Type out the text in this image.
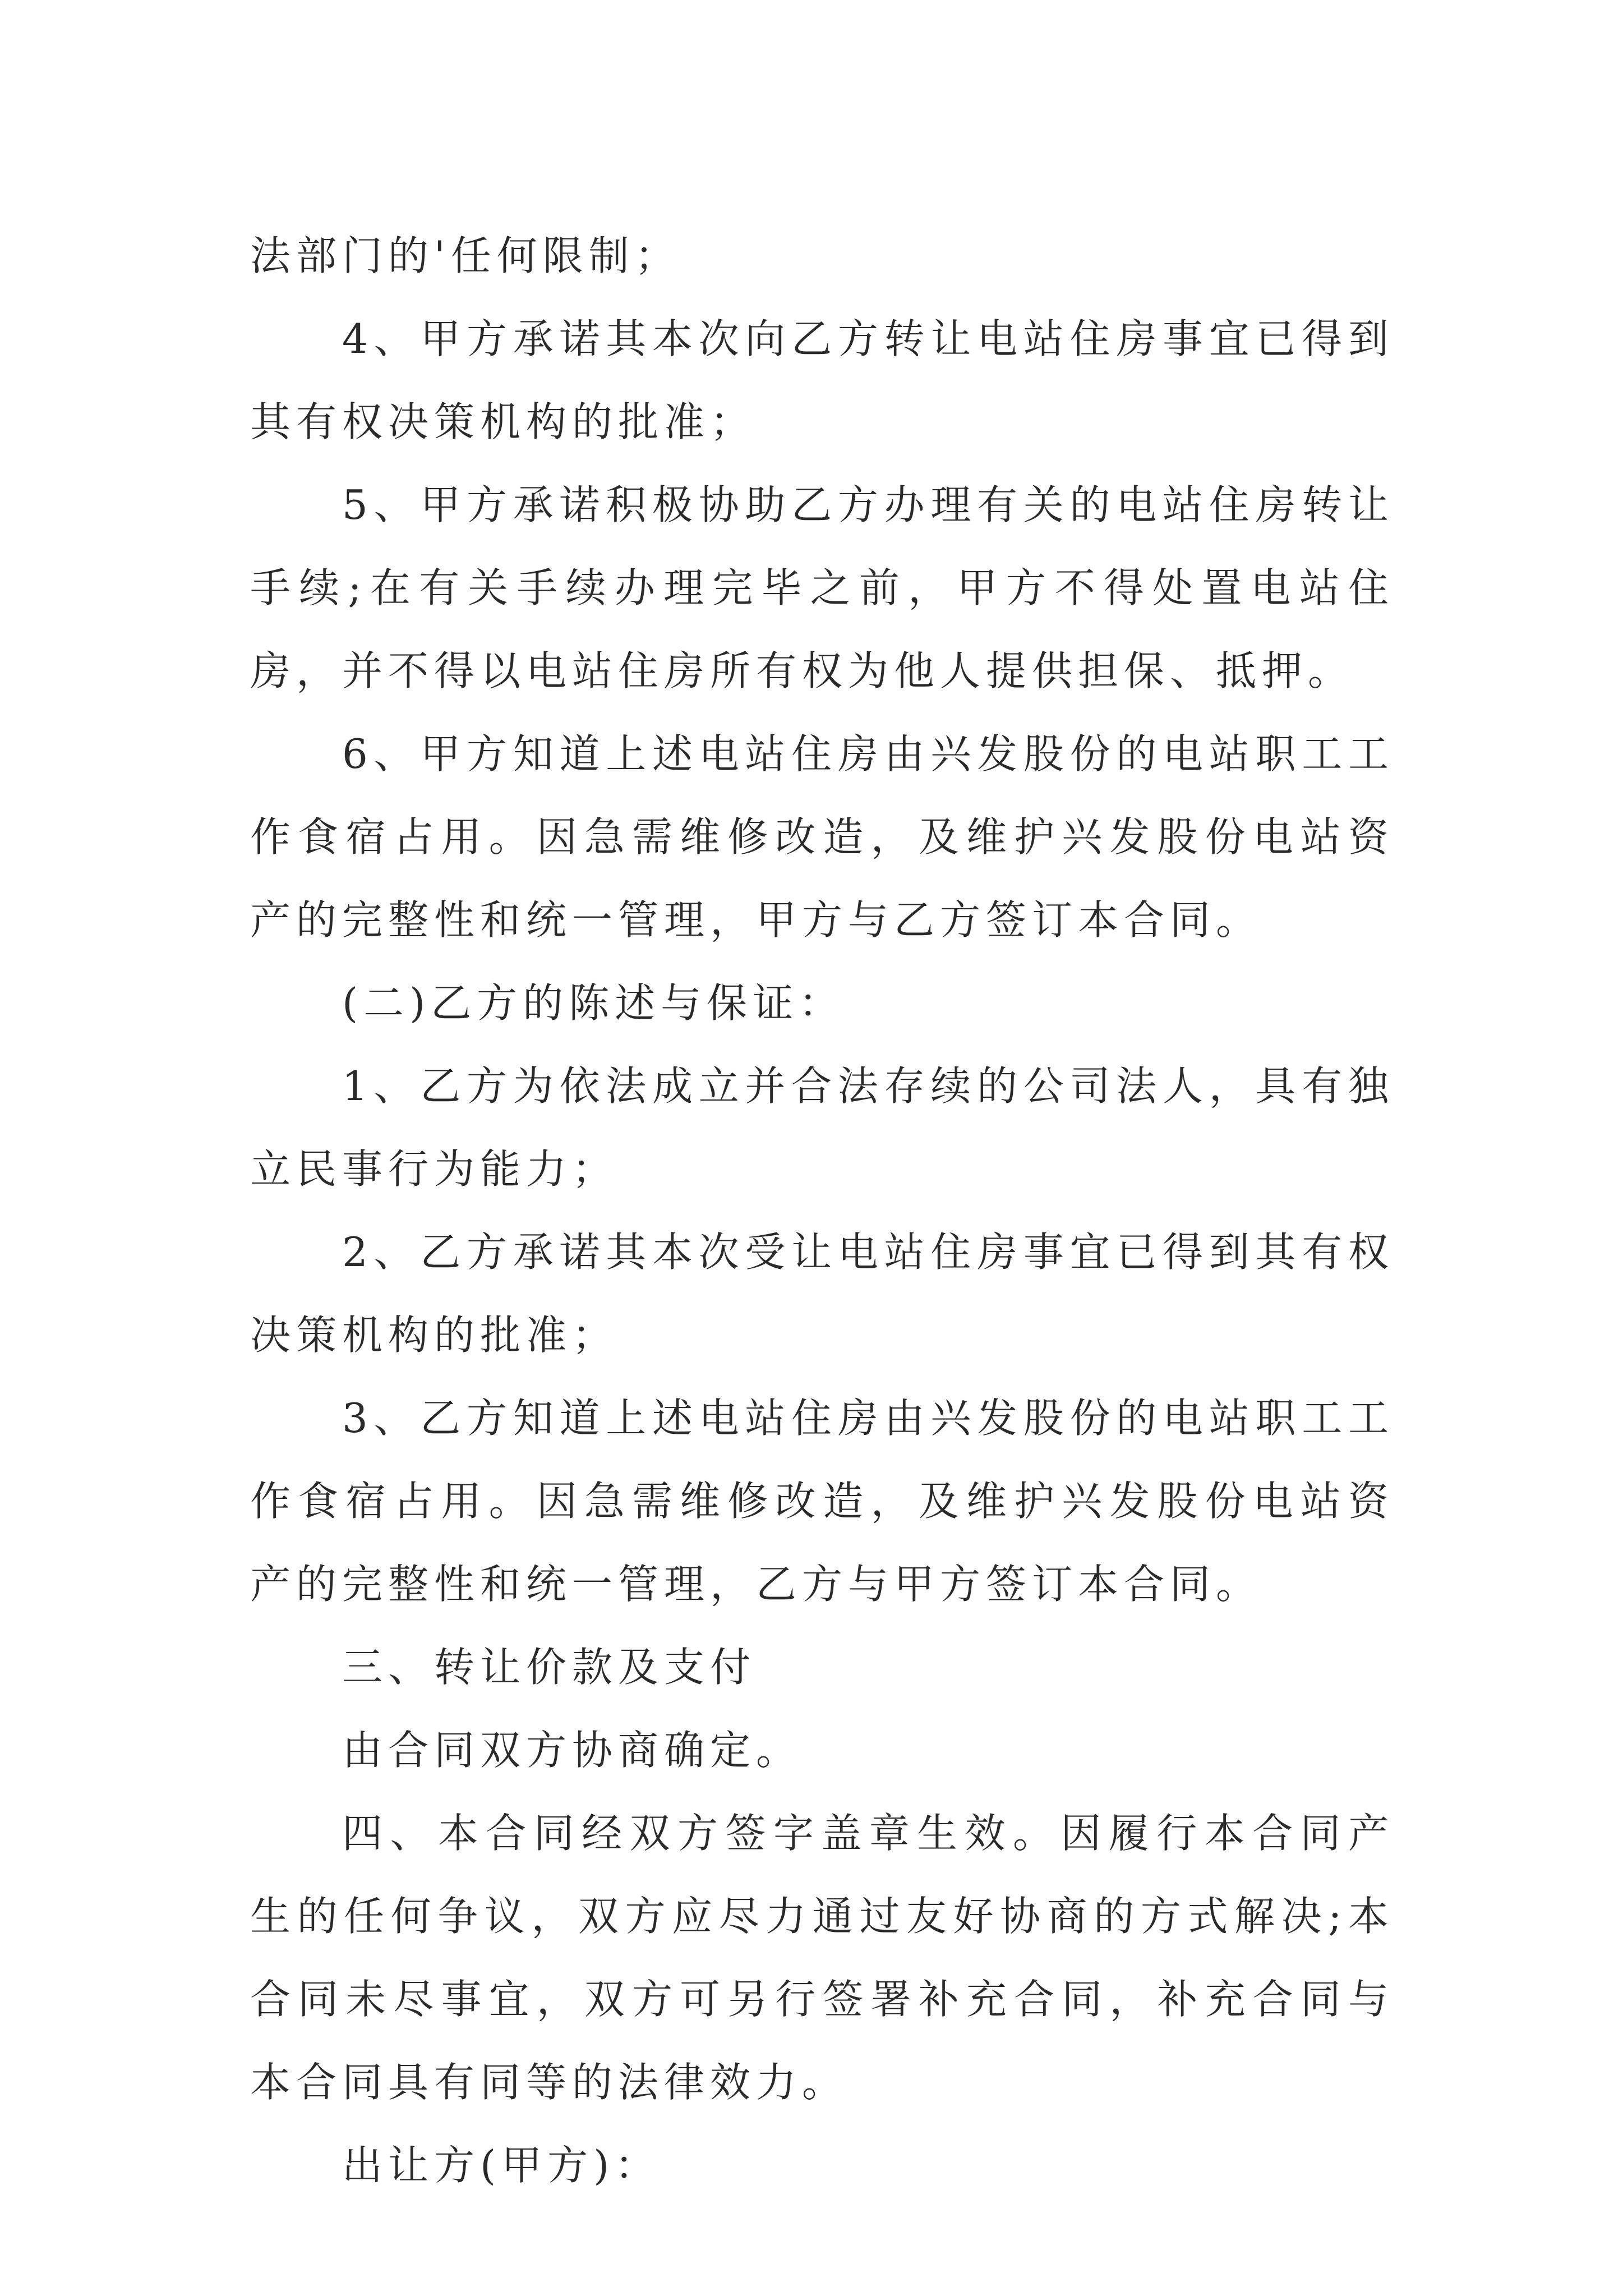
法部门的'任何限制；

4、甲方承诺其本次向乙方转让电站住房事宜已得到其有权决策机构的批准；

5、甲方承诺积极协助乙方办理有关的电站住房转让手续;在有关手续办理完毕之前，甲方不得处置电站住房，并不得以电站住房所有权为他人提供担保、抵押。

6、甲方知道上述电站住房由兴发股份的电站职工工作食宿占用。因急需维修改造，及维护兴发股份电站资产的完整性和统一管理，甲方与乙方签订本合同。

(二)乙方的陈述与保证：

1、乙方为依法成立并合法存续的公司法人，具有独立民事行为能力；

2、乙方承诺其本次受让电站住房事宜已得到其有权决策机构的批准；

3、乙方知道上述电站住房由兴发股份的电站职工工作食宿占用。因急需维修改造，及维护兴发股份电站资产的完整性和统一管理，乙方与甲方签订本合同。

三、转让价款及支付

由合同双方协商确定。

四、本合同经双方签字盖章生效。因履行本合同产生的任何争议，双方应尽力通过友好协商的方式解决;本合同未尽事宜，双方可另行签署补充合同，补充合同与本合同具有同等的法律效力。

出让方(甲方)：
